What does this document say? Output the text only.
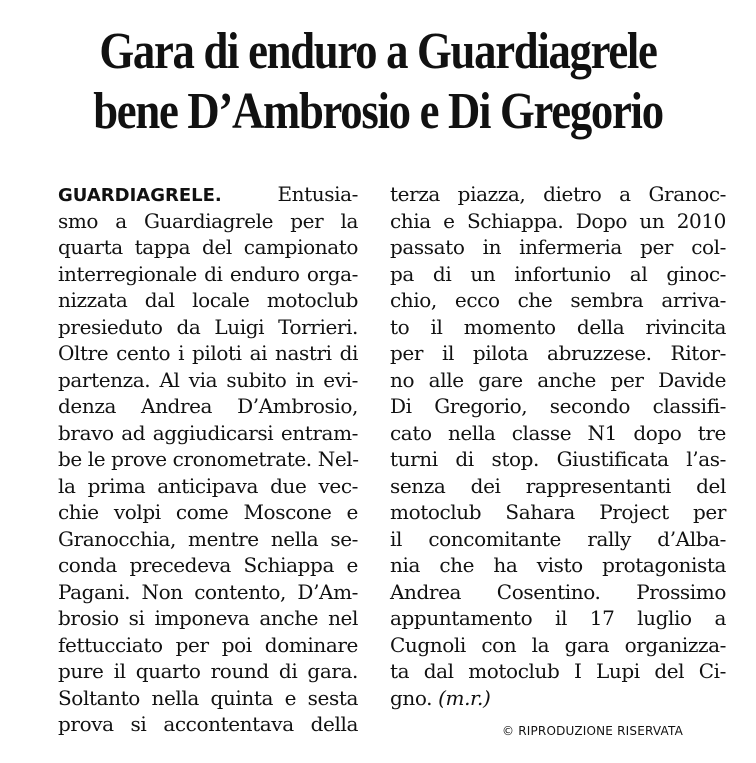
Gara di enduro a Guardiagrele
bene D’Ambrosio e Di Gregorio
GUARDIAGRELE.	Entusia-
smo a Guardiagrele per la
quarta tappa del campionato
interregionale di enduro orga-
nizzata dal locale motoclub
presieduto da Luigi Torrieri.
Oltre cento i piloti ai nastri di
partenza. Al via subito in evi-
denza Andrea D’Ambrosio,
bravo ad aggiudicarsi entram-
be le prove cronometrate. Nel-
la prima anticipava due vec-
chie volpi come Moscone e
Granocchia, mentre nella se-
conda precedeva Schiappa e
Pagani. Non contento, D’Am-
brosio si imponeva anche nel
fettucciato per poi dominare
pure il quarto round di gara.
Soltanto nella quinta e sesta
prova si accontentava della
terza piazza, dietro a Granoc-
chia e Schiappa. Dopo un 2010
passato in infermeria per col-
pa di un infortunio al ginoc-
chio, ecco che sembra arriva-
to il momento della rivincita
per il pilota abruzzese. Ritor-
no alle gare anche per Davide
Di Gregorio, secondo classifi-
cato nella classe N1 dopo tre
turni di stop. Giustificata l’as-
senza dei rappresentanti del
motoclub Sahara Project per
il concomitante rally d’Alba-
nia che ha visto protagonista
Andrea Cosentino. Prossimo
appuntamento il 17 luglio a
Cugnoli con la gara organizza-
ta dal motoclub I Lupi del Ci-
gno. (m.r.)
© RIPRODUZIONE RISERVATA
